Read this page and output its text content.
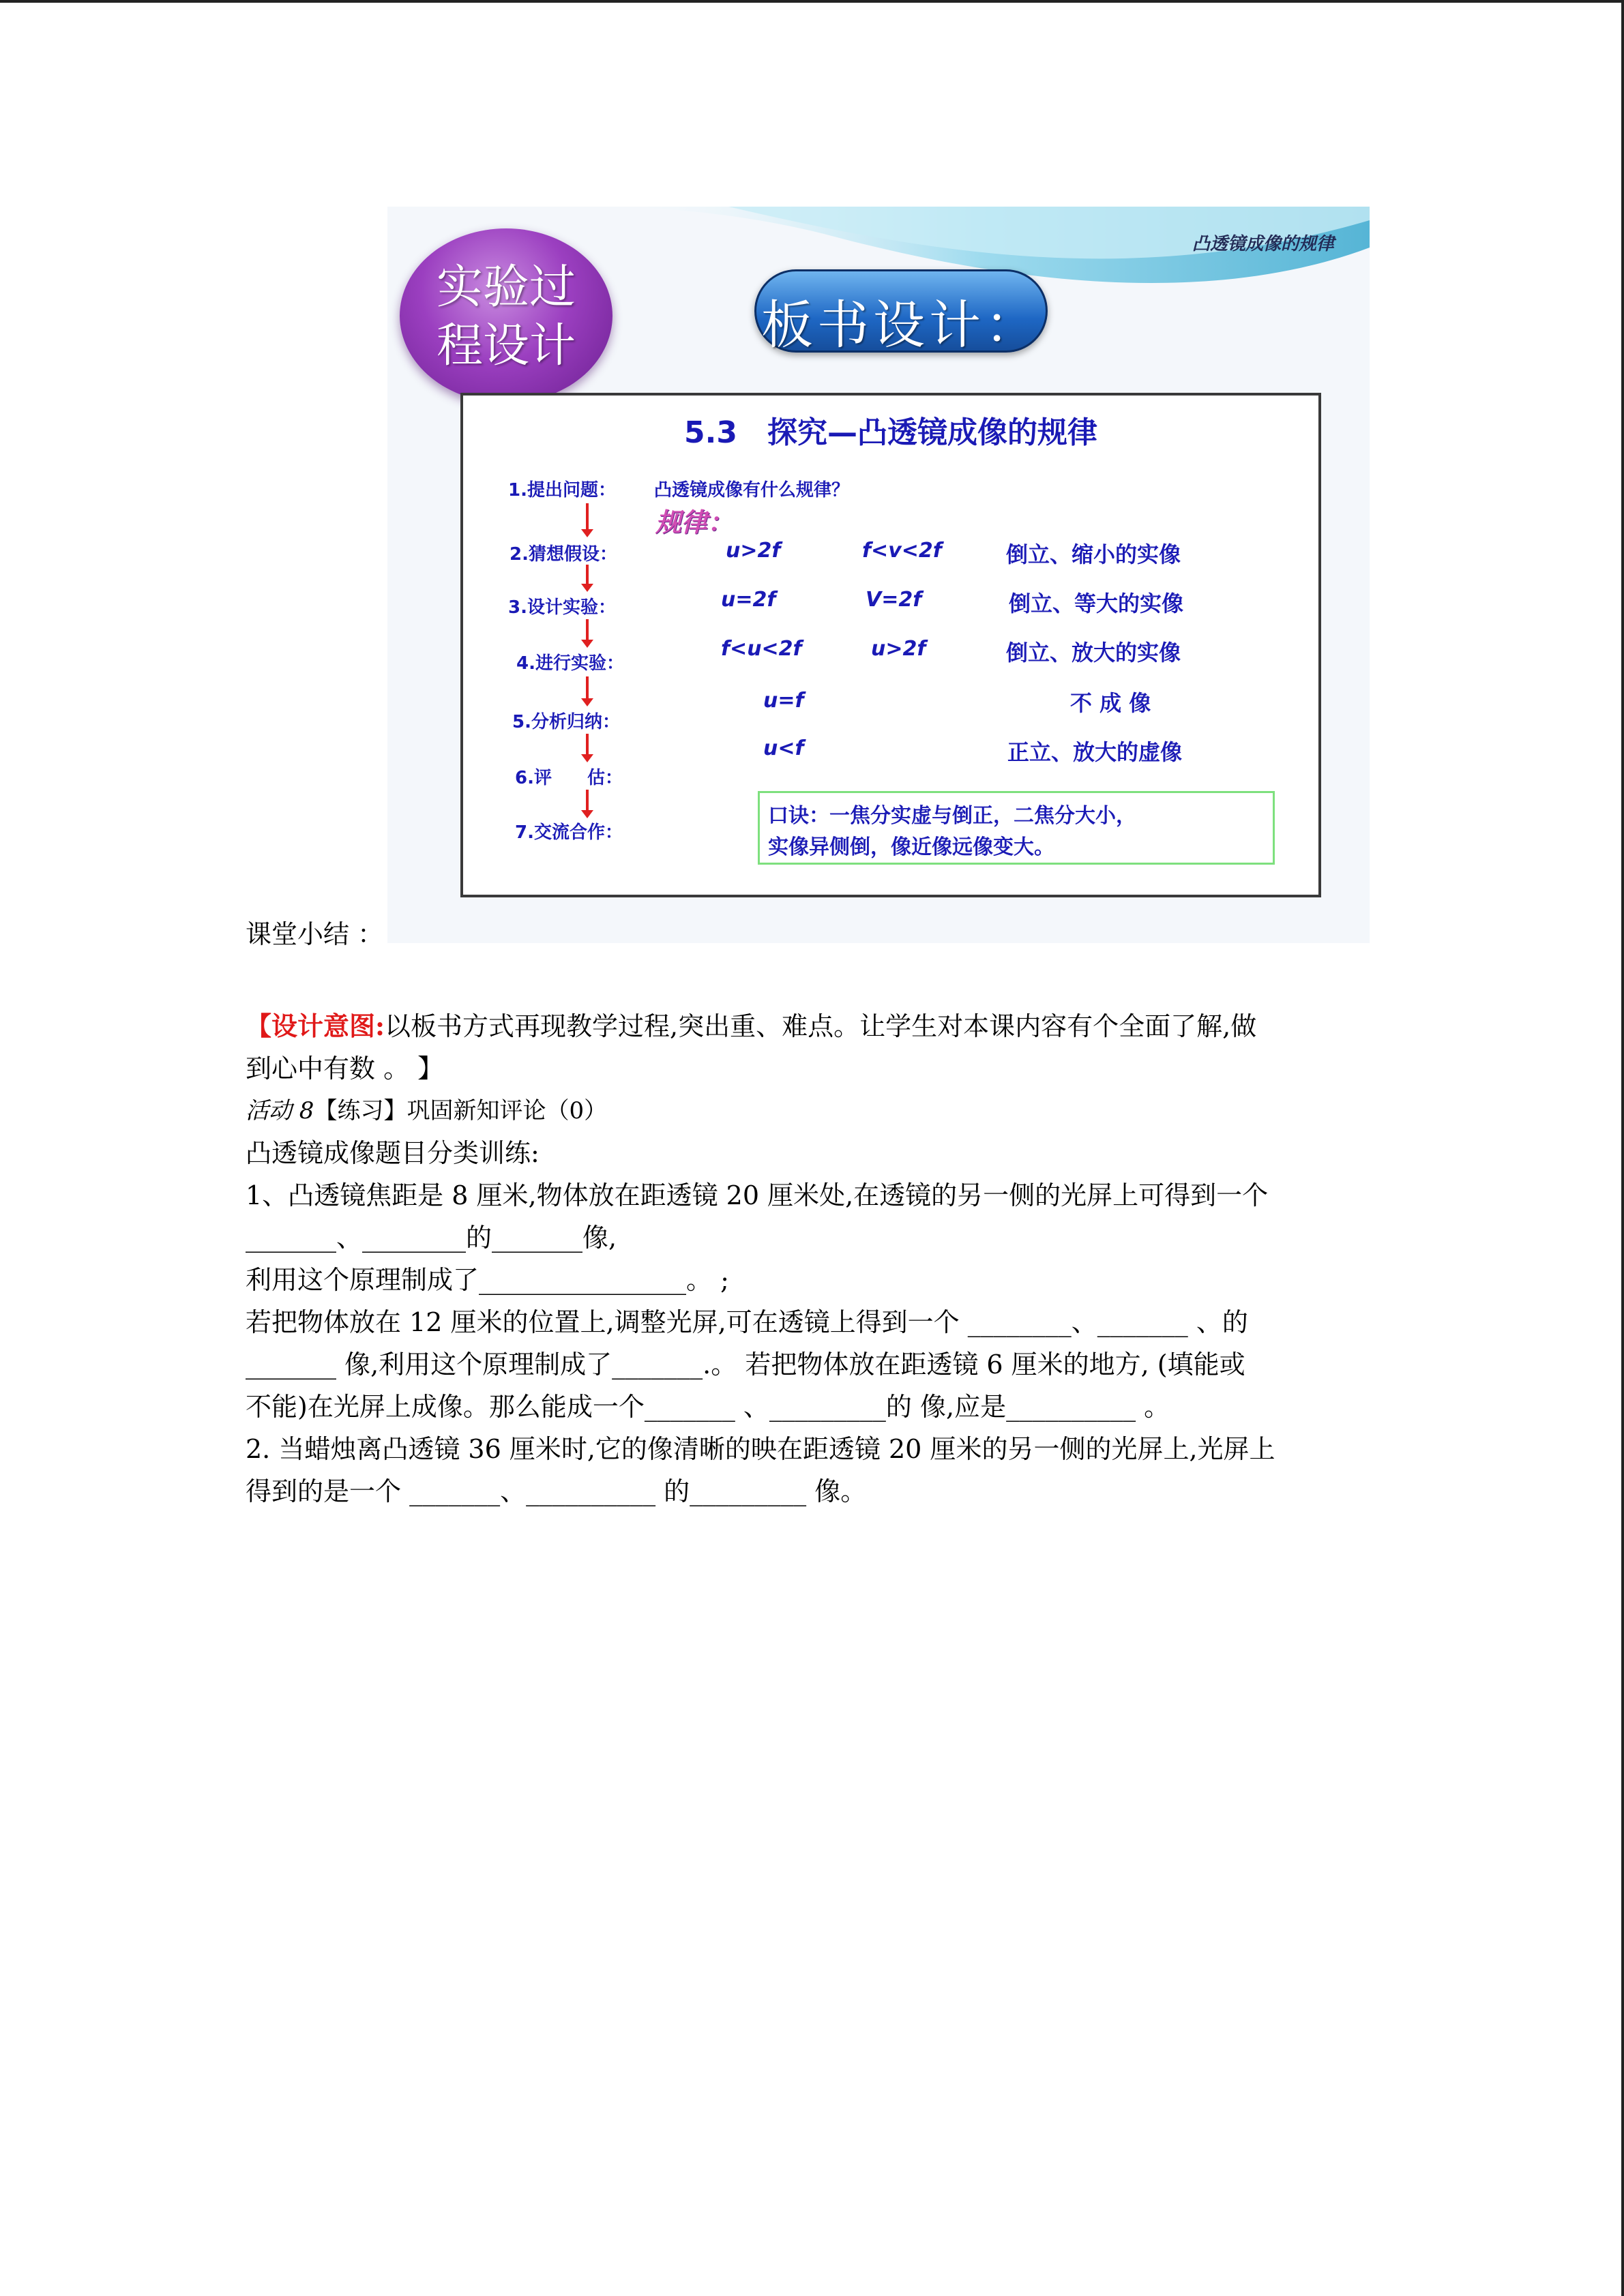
凸透镜成像的规律
实验过
程设计	板书设计：
5.3　探究—凸透镜成像的规律
1.提出问题： 凸透镜成像有什么规律？
规律：
2.猜想假设：
3.设计实验：
4.进行实验：
5.分析归纳：
6.评　　估：
7.交流合作：
u>2f	f<v<2f	倒立、缩小的实像
u=2f	V=2f	倒立、等大的实像
f<u<2f	u>2f	倒立、放大的实像
u=f	不 成 像
u<f	正立、放大的虚像
口诀：一焦分实虚与倒正，二焦分大小，
实像异侧倒，像近像远像变大。
课堂小结 ：
【设计意图:以板书方式再现教学过程,突出重、难点。让学生对本课内容有个全面了解,做
到心中有数 。 】
活动 8【练习】巩固新知评论（0）
凸透镜成像题目分类训练:
1、凸透镜焦距是 8 厘米,物体放在距透镜 20 厘米处,在透镜的另一侧的光屏上可得到一个
_______、________的_______像,
利用这个原理制成了________________。 ;
若把物体放在 12 厘米的位置上,调整光屏,可在透镜上得到一个 ________、_______ 、的
_______ 像,利用这个原理制成了_______.。 若把物体放在距透镜 6 厘米的地方, (填能或
不能)在光屏上成像。那么能成一个_______ 、_________的 像,应是__________ 。
2. 当蜡烛离凸透镜 36 厘米时,它的像清晰的映在距透镜 20 厘米的另一侧的光屏上,光屏上
得到的是一个 _______、__________ 的_________ 像。
